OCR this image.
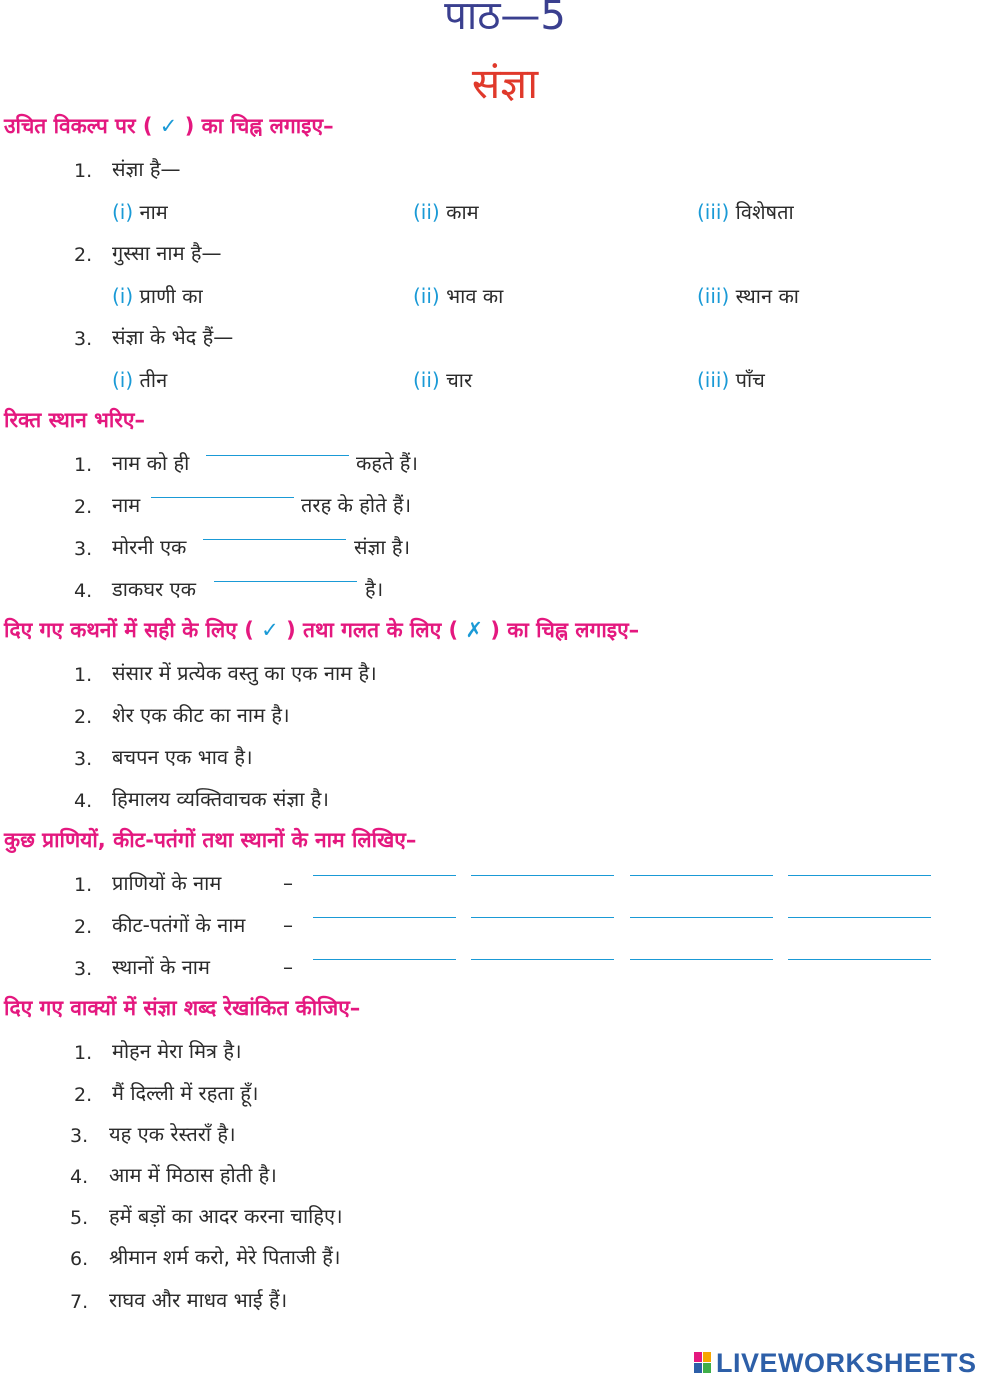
पाठ—5
संज्ञा
उचित विकल्प पर ( ✓ ) का चिह्न लगाइए–
1. संज्ञा है—
(i) नाम	(ii) काम	(iii) विशेषता
2. गुस्सा नाम है—
(i) प्राणी का	(ii) भाव का	(iii) स्थान का
3. संज्ञा के भेद हैं—
(i) तीन	(ii) चार	(iii) पाँच
रिक्त स्थान भरिए–
1. नाम को ही	कहते हैं।
2. नाम	तरह के होते हैं।
3. मोरनी एक	संज्ञा है।
4. डाकघर एक	है।
दिए गए कथनों में सही के लिए ( ✓ ) तथा गलत के लिए ( ✗ ) का चिह्न लगाइए–
1. संसार में प्रत्येक वस्तु का एक नाम है।
2. शेर एक कीट का नाम है।
3. बचपन एक भाव है।
4. हिमालय व्यक्तिवाचक संज्ञा है।
कुछ प्राणियों, कीट-पतंगों तथा स्थानों के नाम लिखिए–
1. प्राणियों के नाम	–
2. कीट-पतंगों के नाम –
3. स्थानों के नाम	–
दिए गए वाक्यों में संज्ञा शब्द रेखांकित कीजिए–
1. मोहन मेरा मित्र है।
2. मैं दिल्ली में रहता हूँ।
3. यह एक रेस्तराँ है।
4. आम में मिठास होती है।
5. हमें बड़ों का आदर करना चाहिए।
6. श्रीमान शर्म करो, मेरे पिताजी हैं।
7. राघव और माधव भाई हैं।
LIVEWORKSHEETS
